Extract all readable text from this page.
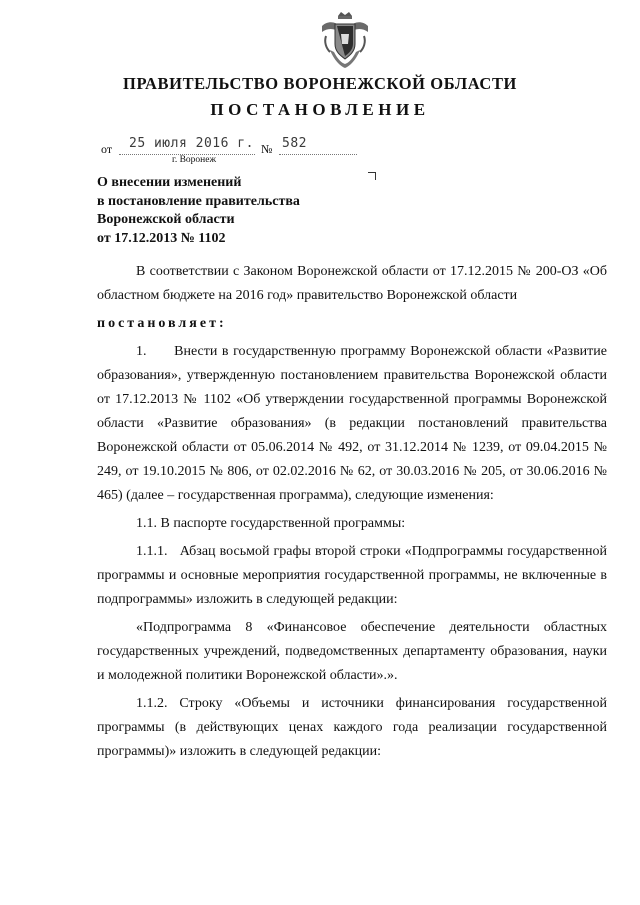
ПРАВИТЕЛЬСТВО ВОРОНЕЖСКОЙ ОБЛАСТИ
ПОСТАНОВЛЕНИЕ
от 25 июля 2016 г. № 582
г. Воронеж
О внесении изменений
в постановление правительства
Воронежской области
от 17.12.2013 № 1102

В соответствии с Законом Воронежской области от 17.12.2015 № 200-ОЗ «Об областном бюджете на 2016 год» правительство Воронежской области

постановляет:

1.      Внести в государственную программу Воронежской области «Развитие образования», утвержденную постановлением правительства Воронежской области от 17.12.2013 № 1102 «Об утверждении государственной программы Воронежской области «Развитие образования» (в редакции постановлений правительства Воронежской области от 05.06.2014 № 492, от 31.12.2014 № 1239, от 09.04.2015 № 249, от 19.10.2015 № 806, от 02.02.2016 № 62, от 30.03.2016 № 205, от 30.06.2016 № 465) (далее – государственная программа), следующие изменения:

1.1. В паспорте государственной программы:

1.1.1.   Абзац восьмой графы второй строки «Подпрограммы государственной программы и основные мероприятия государственной программы, не включенные в подпрограммы» изложить в следующей редакции:

«Подпрограмма 8 «Финансовое обеспечение деятельности областных государственных учреждений, подведомственных департаменту образования, науки и молодежной политики Воронежской области».».

1.1.2. Строку «Объемы и источники финансирования государственной программы (в действующих ценах каждого года реализации государственной программы)» изложить в следующей редакции:
